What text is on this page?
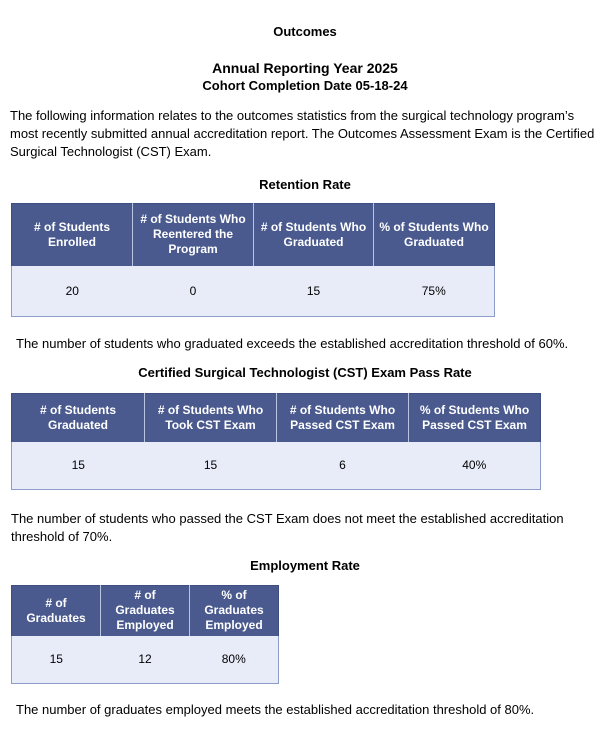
Outcomes
Annual Reporting Year 2025
Cohort Completion Date 05-18-24
The following information relates to the outcomes statistics from the surgical technology program’s most recently submitted annual accreditation report. The Outcomes Assessment Exam is the Certified Surgical Technologist (CST) Exam.
Retention Rate
# of Students Enrolled	# of Students Who Reentered the Program	# of Students Who Graduated	% of Students Who Graduated
20	0	15	75%
The number of students who graduated exceeds the established accreditation threshold of 60%.
Certified Surgical Technologist (CST) Exam Pass Rate
# of Students Graduated	# of Students Who Took CST Exam	# of Students Who Passed CST Exam	% of Students Who Passed CST Exam
15	15	6	40%
The number of students who passed the CST Exam does not meet the established accreditation threshold of 70%.
Employment Rate
# of Graduates	# of Graduates Employed	% of Graduates Employed
15	12	80%
The number of graduates employed meets the established accreditation threshold of 80%.
